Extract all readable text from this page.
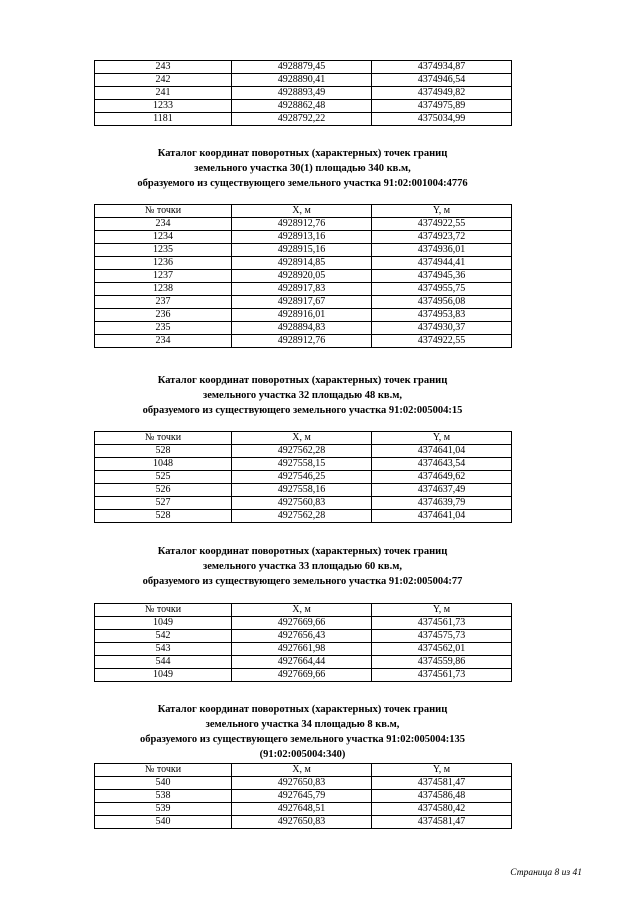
243	4928879,45	4374934,87
242	4928890,41	4374946,54
241	4928893,49	4374949,82
1233	4928862,48	4374975,89
1181	4928792,22	4375034,99
Каталог координат поворотных (характерных) точек границ
земельного участка 30(1) площадью 340 кв.м,
образуемого из существующего земельного участка 91:02:001004:4776
№ точки	X, м	Y, м
234	4928912,76	4374922,55
1234	4928913,16	4374923,72
1235	4928915,16	4374936,01
1236	4928914,85	4374944,41
1237	4928920,05	4374945,36
1238	4928917,83	4374955,75
237	4928917,67	4374956,08
236	4928916,01	4374953,83
235	4928894,83	4374930,37
234	4928912,76	4374922,55
Каталог координат поворотных (характерных) точек границ
земельного участка 32 площадью 48 кв.м,
образуемого из существующего земельного участка 91:02:005004:15
№ точки	X, м	Y, м
528	4927562,28	4374641,04
1048	4927558,15	4374643,54
525	4927546,25	4374649,62
526	4927558,16	4374637,49
527	4927560,83	4374639,79
528	4927562,28	4374641,04
Каталог координат поворотных (характерных) точек границ
земельного участка 33 площадью 60 кв.м,
образуемого из существующего земельного участка 91:02:005004:77
№ точки	X, м	Y, м
1049	4927669,66	4374561,73
542	4927656,43	4374575,73
543	4927661,98	4374562,01
544	4927664,44	4374559,86
1049	4927669,66	4374561,73
Каталог координат поворотных (характерных) точек границ
земельного участка 34 площадью 8 кв.м,
образуемого из существующего земельного участка 91:02:005004:135
(91:02:005004:340)
№ точки	X, м	Y, м
540	4927650,83	4374581,47
538	4927645,79	4374586,48
539	4927648,51	4374580,42
540	4927650,83	4374581,47
Страница 8 из 41
